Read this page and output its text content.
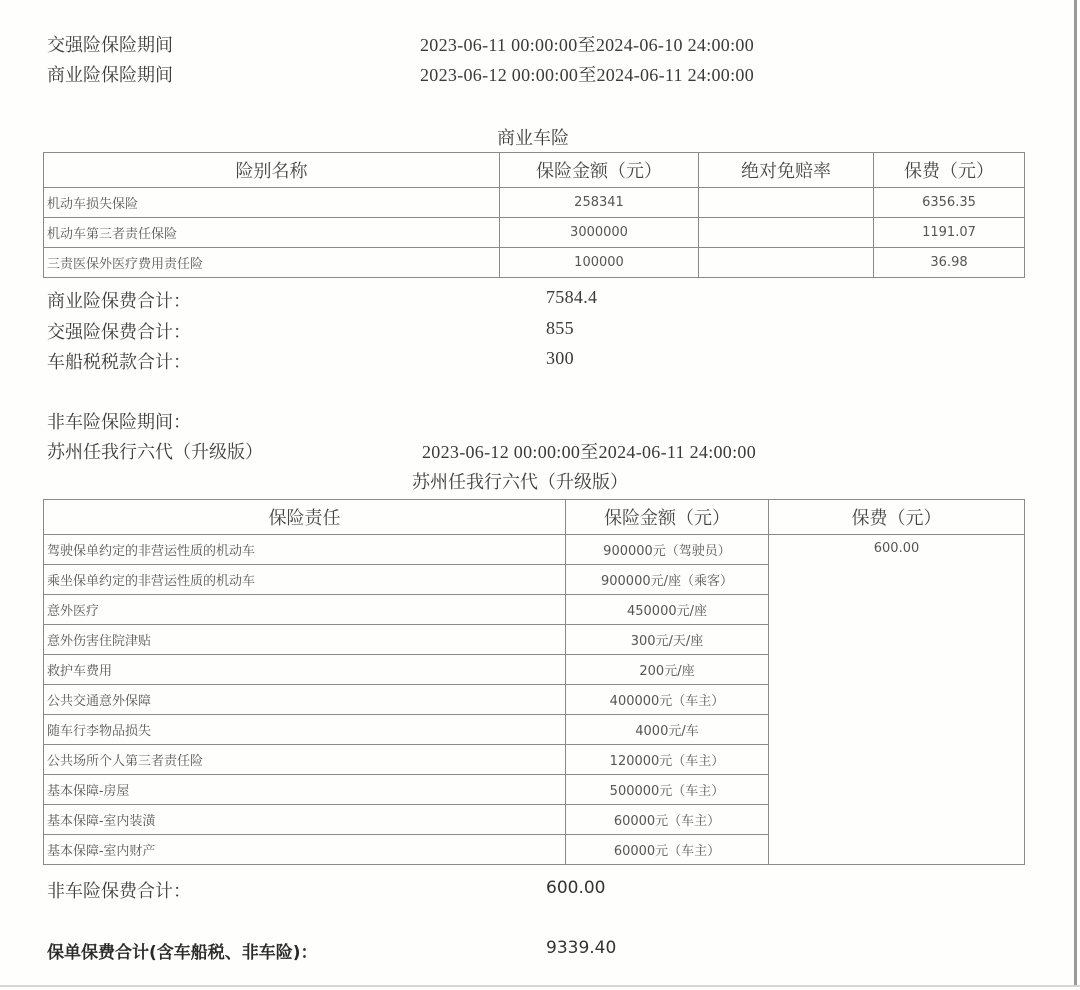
交强险保险期间	2023-06-11 00:00:00至2024-06-10 24:00:00
商业险保险期间	2023-06-12 00:00:00至2024-06-11 24:00:00
商业车险
险别名称	保险金额（元）	绝对免赔率	保费（元）
机动车损失保险	258341		6356.35
机动车第三者责任保险	3000000		1191.07
三责医保外医疗费用责任险	100000		36.98
商业险保费合计：	7584.4
交强险保费合计：	855
车船税税款合计：	300
非车险保险期间：
苏州任我行六代（升级版）	2023-06-12 00:00:00至2024-06-11 24:00:00
苏州任我行六代（升级版）
保险责任	保险金额（元）	保费（元）
驾驶保单约定的非营运性质的机动车	900000元（驾驶员）	600.00
乘坐保单约定的非营运性质的机动车	900000元/座（乘客）	
意外医疗	450000元/座	
意外伤害住院津贴	300元/天/座	
救护车费用	200元/座	
公共交通意外保障	400000元（车主）	
随车行李物品损失	4000元/车	
公共场所个人第三者责任险	120000元（车主）	
基本保障-房屋	500000元（车主）	
基本保障-室内装潢	60000元（车主）	
基本保障-室内财产	60000元（车主）	
非车险保费合计：	600.00
保单保费合计(含车船税、非车险)：	9339.40
